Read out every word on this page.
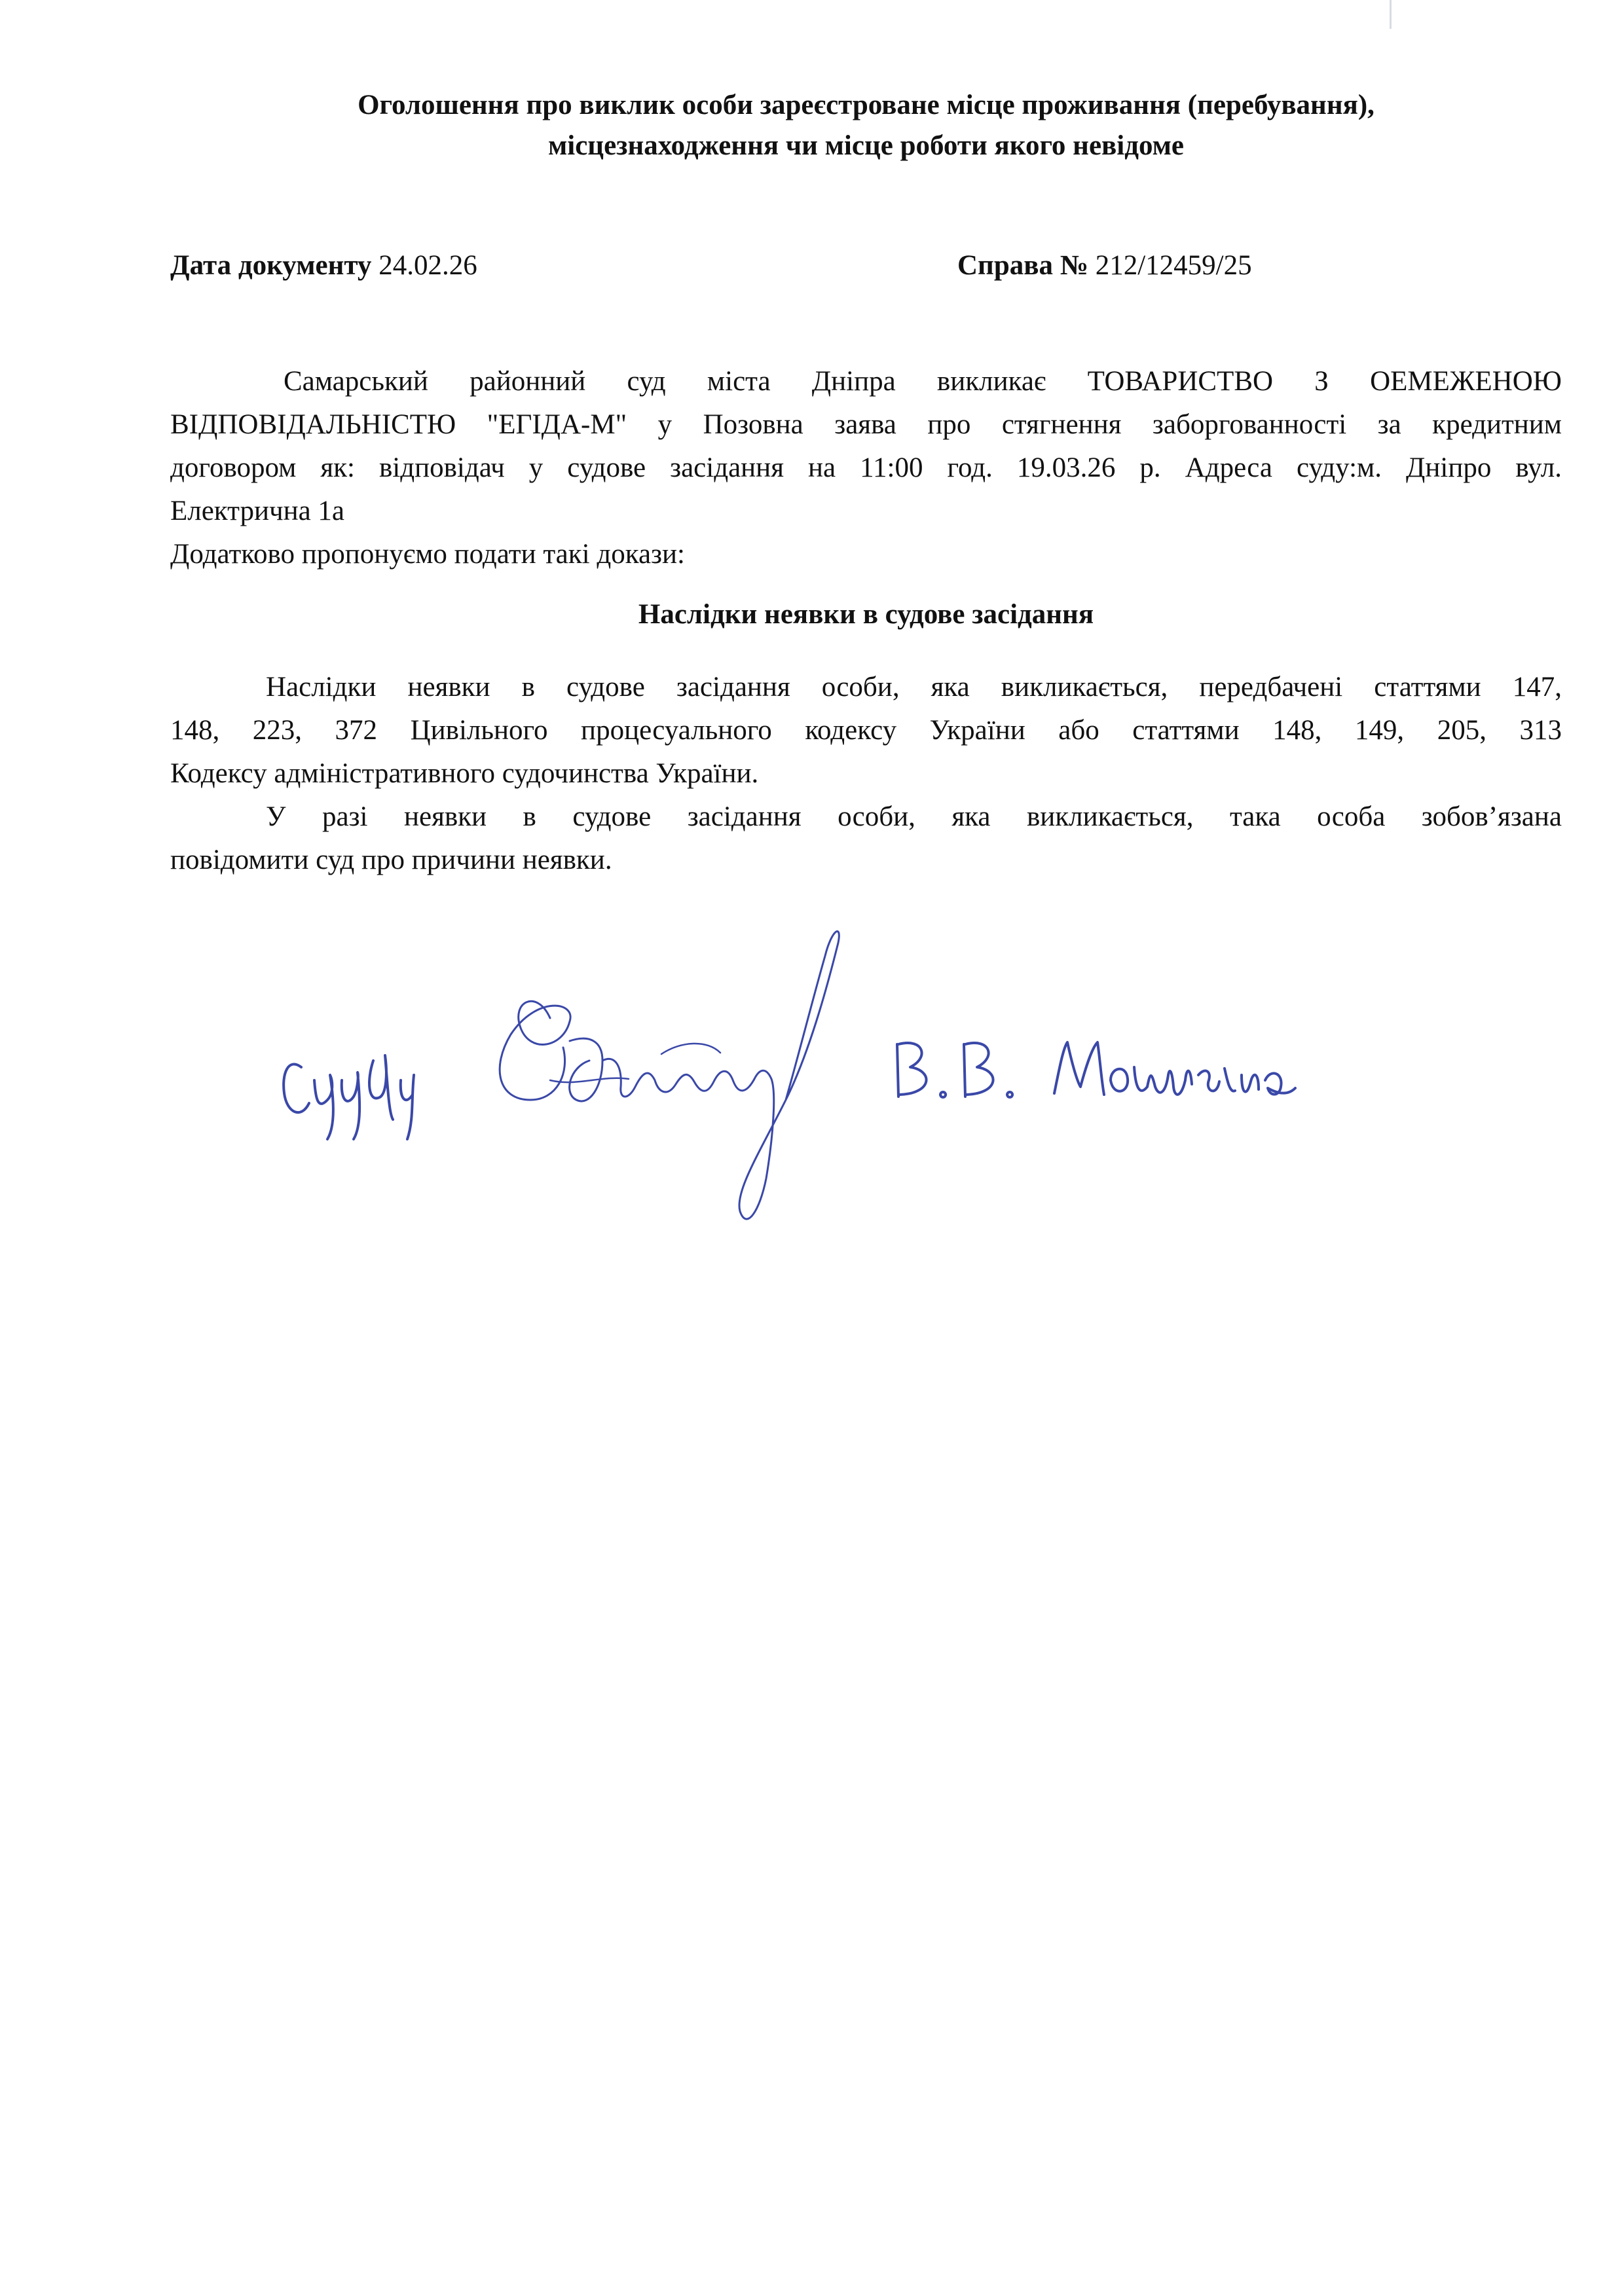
Оголошення про виклик особи зареєстроване місце проживання (перебування),
місцезнаходження чи місце роботи якого невідоме
Дата документу 24.02.26	Справа № 212/12459/25
Самарський районний суд міста Дніпра викликає ТОВАРИСТВО З ОЕМЕЖЕНОЮ
ВІДПОВІДАЛЬНІСТЮ "ЕГІДА-М" у Позовна заява про стягнення заборгованності за кредитним
договором як: відповідач у судове засідання на 11:00 год. 19.03.26 р. Адреса суду:м. Дніпро вул.
Електрична 1а
Додатково пропонуємо подати такі докази:
Наслідки неявки в судове засідання
Наслідки неявки в судове засідання особи, яка викликається, передбачені статтями 147,
148, 223, 372 Цивільного процесуального кодексу України або статтями 148, 149, 205, 313
Кодексу адміністративного судочинства України.
У разі неявки в судове засідання особи, яка викликається, така особа зобов’язана
повідомити суд про причини неявки.
